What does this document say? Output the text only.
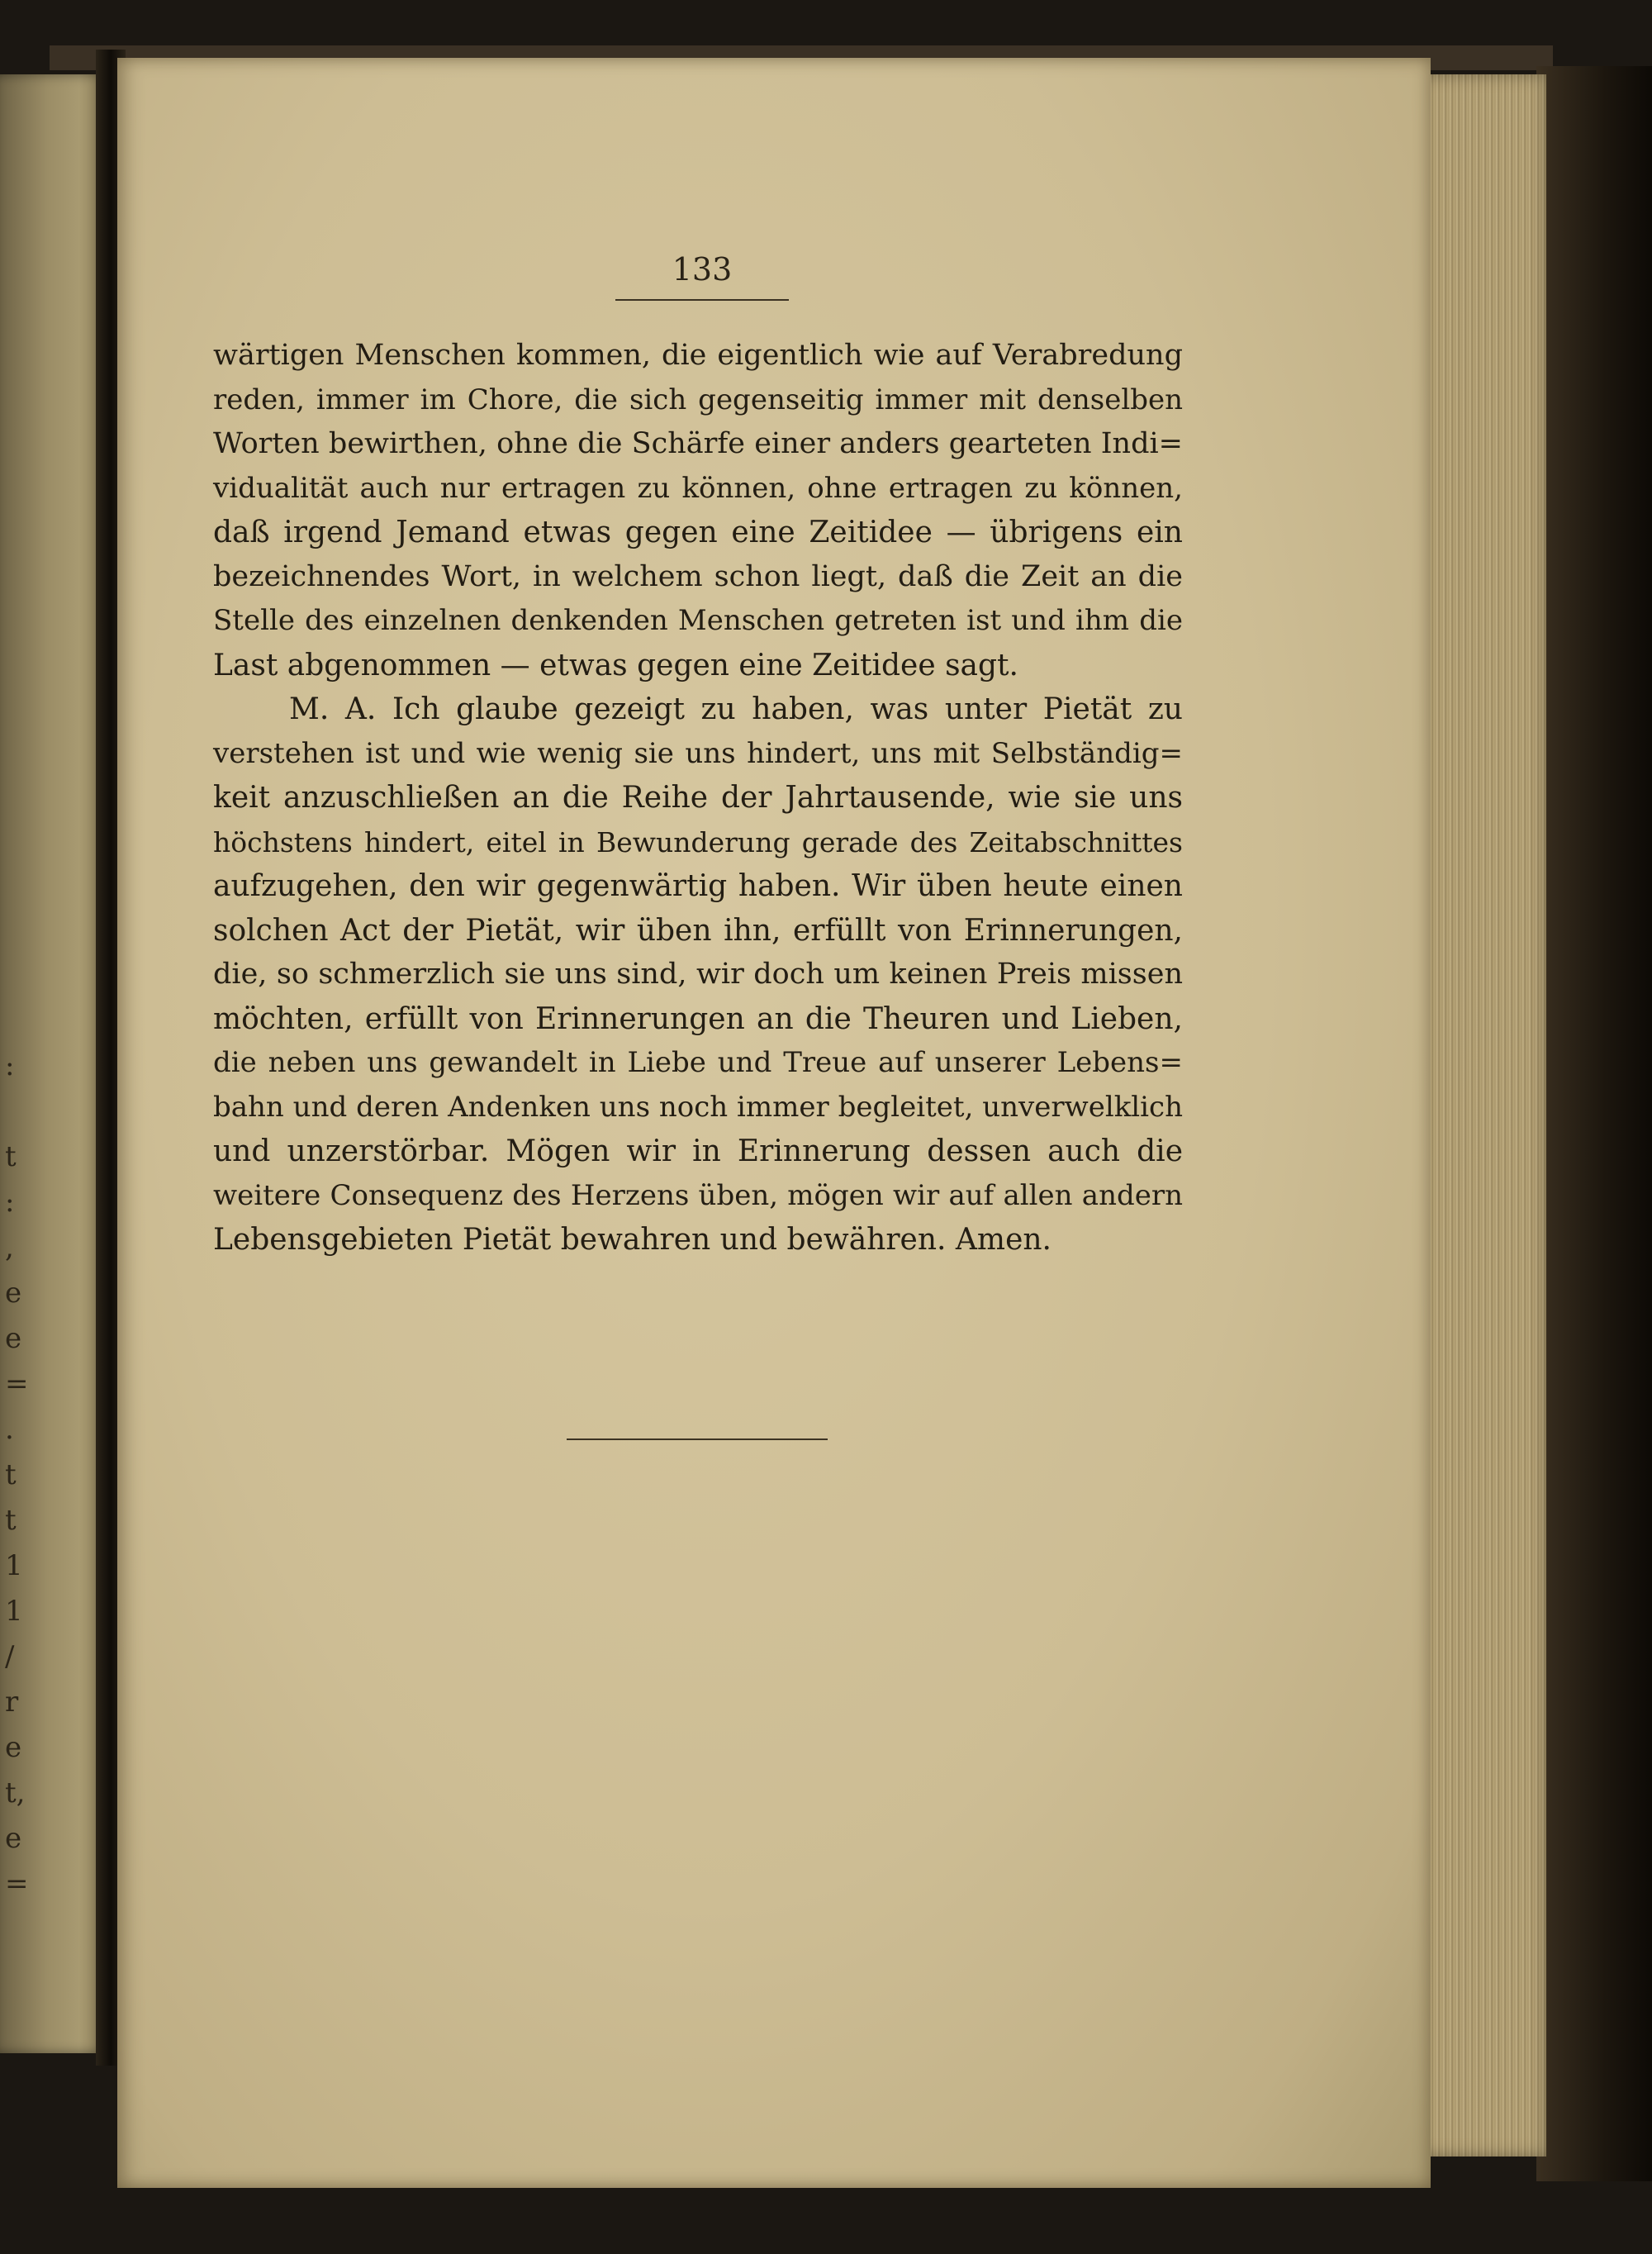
:
t
:
,
e
e
=
.
t
t
1
1
/
r
e
t,
e
=
133
wärtigen Menschen kommen, die eigentlich wie auf Verabredung
reden, immer im Chore, die sich gegenseitig immer mit denselben
Worten bewirthen, ohne die Schärfe einer anders gearteten Indi=
vidualität auch nur ertragen zu können, ohne ertragen zu können,
daß irgend Jemand etwas gegen eine Zeitidee — übrigens ein
bezeichnendes Wort, in welchem schon liegt, daß die Zeit an die
Stelle des einzelnen denkenden Menschen getreten ist und ihm die
Last abgenommen — etwas gegen eine Zeitidee sagt.
M. A. Ich glaube gezeigt zu haben, was unter Pietät zu
verstehen ist und wie wenig sie uns hindert, uns mit Selbständig=
keit anzuschließen an die Reihe der Jahrtausende, wie sie uns
höchstens hindert, eitel in Bewunderung gerade des Zeitabschnittes
aufzugehen, den wir gegenwärtig haben. Wir üben heute einen
solchen Act der Pietät, wir üben ihn, erfüllt von Erinnerungen,
die, so schmerzlich sie uns sind, wir doch um keinen Preis missen
möchten, erfüllt von Erinnerungen an die Theuren und Lieben,
die neben uns gewandelt in Liebe und Treue auf unserer Lebens=
bahn und deren Andenken uns noch immer begleitet, unverwelklich
und unzerstörbar. Mögen wir in Erinnerung dessen auch die
weitere Consequenz des Herzens üben, mögen wir auf allen andern
Lebensgebieten Pietät bewahren und bewähren. Amen.
